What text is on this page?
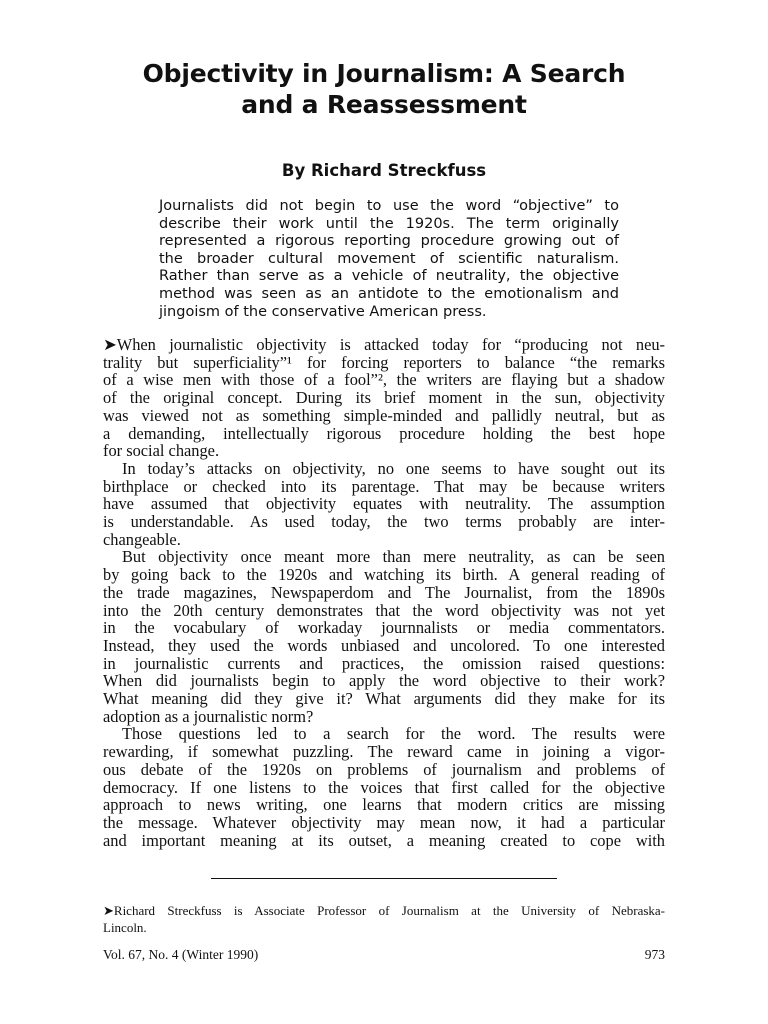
Objectivity in Journalism: A Search
and a Reassessment

By Richard Streckfuss

Journalists did not begin to use the word “objective” to
describe their work until the 1920s. The term originally
represented a rigorous reporting procedure growing out of
the broader cultural movement of scientific naturalism.
Rather than serve as a vehicle of neutrality, the objective
method was seen as an antidote to the emotionalism and
jingoism of the conservative American press.

➤When journalistic objectivity is attacked today for “producing not neu-
trality but superficiality”¹ for forcing reporters to balance “the remarks
of a wise men with those of a fool”², the writers are flaying but a shadow
of the original concept. During its brief moment in the sun, objectivity
was viewed not as something simple-minded and pallidly neutral, but as
a demanding, intellectually rigorous procedure holding the best hope
for social change.

In today’s attacks on objectivity, no one seems to have sought out its
birthplace or checked into its parentage. That may be because writers
have assumed that objectivity equates with neutrality. The assumption
is understandable. As used today, the two terms probably are inter-
changeable.

But objectivity once meant more than mere neutrality, as can be seen
by going back to the 1920s and watching its birth. A general reading of
the trade magazines, Newspaperdom and The Journalist, from the 1890s
into the 20th century demonstrates that the word objectivity was not yet
in the vocabulary of workaday journnalists or media commentators.
Instead, they used the words unbiased and uncolored. To one interested
in journalistic currents and practices, the omission raised questions:
When did journalists begin to apply the word objective to their work?
What meaning did they give it? What arguments did they make for its
adoption as a journalistic norm?

Those questions led to a search for the word. The results were
rewarding, if somewhat puzzling. The reward came in joining a vigor-
ous debate of the 1920s on problems of journalism and problems of
democracy. If one listens to the voices that first called for the objective
approach to news writing, one learns that modern critics are missing
the message. Whatever objectivity may mean now, it had a particular
and important meaning at its outset, a meaning created to cope with

➤Richard Streckfuss is Associate Professor of Journalism at the University of Nebraska-
Lincoln.

Vol. 67, No. 4 (Winter 1990)	973
